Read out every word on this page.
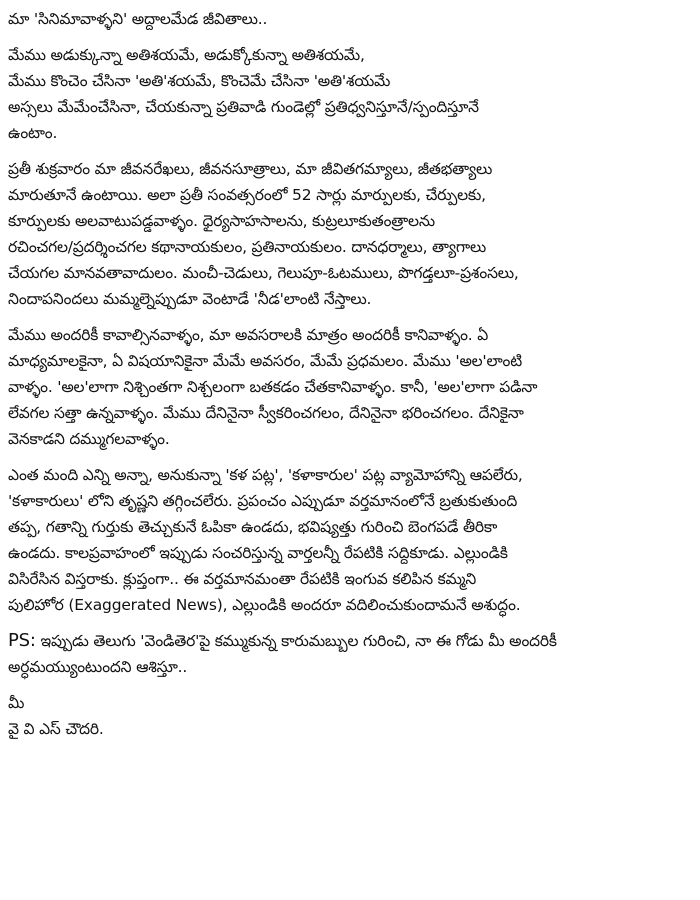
మా 'సినిమావాళ్ళని' అద్దాలమేడ జీవితాలు..

మేము అడుక్కున్నా అతిశయమే, అడుక్కోకున్నా అతిశయమే,
మేము కొంచెం చేసినా 'అతి'శయమే, కొంచెమే చేసినా 'అతి'శయమే
అస్సలు మేమేంచేసినా, చేయకున్నా ప్రతివాడి గుండెల్లో ప్రతిధ్వనిస్తూనే/స్పందిస్తూనే
ఉంటాం.

ప్రతీ శుక్రవారం మా జీవనరేఖలు, జీవనసూత్రాలు, మా జీవితగమ్యాలు, జీతభత్యాలు
మారుతూనే ఉంటాయి. అలా ప్రతీ సంవత్సరంలో 52 సార్లు మార్పులకు, చేర్పులకు,
కూర్పులకు అలవాటుపడ్డవాళ్ళం. ధైర్యసాహసాలను, కుట్రలూకుతంత్రాలను
రచించగల/ప్రదర్శించగల కథానాయకులం, ప్రతినాయకులం. దానధర్మాలు, త్యాగాలు
చేయగల మానవతావాదులం. మంచీ-చెడులు, గెలుపూ-ఓటములు, పొగడ్తలూ-ప్రశంసలు,
నిందాపనిందలు మమ్మల్నెప్పుడూ వెంటాడే 'నీడ'లాంటి నేస్తాలు.

మేము అందరికీ కావాల్సినవాళ్ళం, మా అవసరాలకి మాత్రం అందరికీ కానివాళ్ళం. ఏ
మాధ్యమాలకైనా, ఏ విషయానికైనా మేమే అవసరం, మేమే ప్రధమలం. మేము 'అల'లాంటి
వాళ్ళం. 'అల'లాగా నిశ్చింతగా నిశ్చలంగా బతకడం చేతకానివాళ్ళం. కానీ, 'అల'లాగా పడినా
లేవగల సత్తా ఉన్నవాళ్ళం. మేము దేనినైనా స్వీకరించగలం, దేనినైనా భరించగలం. దేనికైనా
వెనకాడని దమ్ముగలవాళ్ళం.

ఎంత మంది ఎన్ని అన్నా, అనుకున్నా 'కళ పట్ల', 'కళాకారుల' పట్ల వ్యామోహాన్ని ఆపలేరు,
'కళాకారులు' లోని తృష్ణని తగ్గించలేరు. ప్రపంచం ఎప్పుడూ వర్తమానంలోనే బ్రతుకుతుంది
తప్ప, గతాన్ని గుర్తుకు తెచ్చుకునే ఓపికా ఉండదు, భవిష్యత్తు గురించి బెంగపడే తీరికా
ఉండదు. కాలప్రవాహంలో ఇప్పుడు సంచరిస్తున్న వార్తలన్నీ రేపటికి సద్దికూడు. ఎల్లుండికి
విసిరేసిన విస్తరాకు. క్లుప్తంగా.. ఈ వర్తమానమంతా రేపటికి ఇంగువ కలిపిన కమ్మని
పులిహోర (Exaggerated News), ఎల్లుండికి అందరూ వదిలించుకుందామనే అశుద్ధం.

PS: ఇప్పుడు తెలుగు 'వెండితెర'పై కమ్ముకున్న కారుమబ్బుల గురించి, నా ఈ గోడు మీ అందరికీ
అర్ధమయ్యుంటుందని ఆశిస్తూ..

మీ
వై వి ఎస్ చౌదరి.
